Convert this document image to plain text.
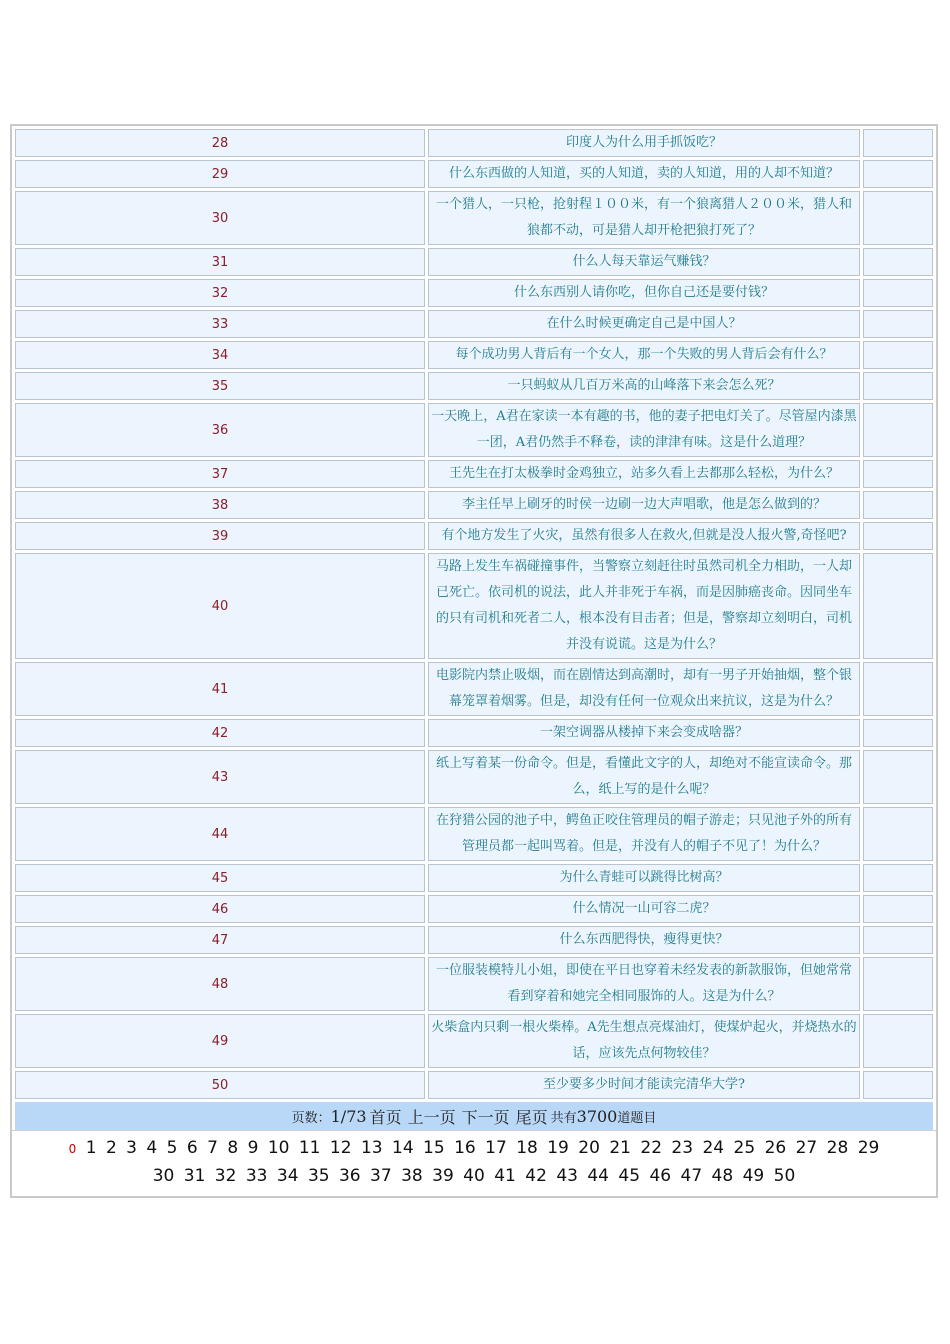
28	印度人为什么用手抓饭吃？	
29	什么东西做的人知道，买的人知道，卖的人知道，用的人却不知道？	
30	一个猎人，一只枪，抢射程１００米，有一个狼离猎人２００米，猎人和狼都不动，可是猎人却开枪把狼打死了？	
31	什么人每天靠运气赚钱？	
32	什么东西别人请你吃，但你自己还是要付钱？	
33	在什么时候更确定自己是中国人？	
34	每个成功男人背后有一个女人，那一个失败的男人背后会有什么？	
35	一只蚂蚁从几百万米高的山峰落下来会怎么死？	
36	一天晚上，A君在家读一本有趣的书，他的妻子把电灯关了。尽管屋内漆黑一团，A君仍然手不释卷，读的津津有味。这是什么道理？	
37	王先生在打太极拳时金鸡独立，站多久看上去都那么轻松，为什么？	
38	李主任早上刷牙的时侯一边刷一边大声唱歌，他是怎么做到的？	
39	有个地方发生了火灾，虽然有很多人在救火,但就是没人报火警,奇怪吧?	
40	马路上发生车祸碰撞事件，当警察立刻赶往时虽然司机全力相助，一人却已死亡。依司机的说法，此人并非死于车祸，而是因肺癌丧命。因同坐车的只有司机和死者二人，根本没有目击者；但是，警察却立刻明白，司机并没有说谎。这是为什么？	
41	电影院内禁止吸烟，而在剧情达到高潮时，却有一男子开始抽烟，整个银幕笼罩着烟雾。但是，却没有任何一位观众出来抗议，这是为什么？	
42	一架空调器从楼掉下来会变成啥器？	
43	纸上写着某一份命令。但是，看懂此文字的人，却绝对不能宣读命令。那么，纸上写的是什么呢？	
44	在狩猎公园的池子中，鳄鱼正咬住管理员的帽子游走；只见池子外的所有管理员都一起叫骂着。但是，并没有人的帽子不见了！为什么？	
45	为什么青蛙可以跳得比树高？	
46	什么情况一山可容二虎？	
47	什么东西肥得快，瘦得更快？	
48	一位服装模特儿小姐，即使在平日也穿着未经发表的新款服饰，但她常常看到穿着和她完全相同服饰的人。这是为什么？	
49	火柴盒内只剩一根火柴棒。A先生想点亮煤油灯，使煤炉起火，并烧热水的话，应该先点何物较佳？	
50	至少要多少时间才能读完清华大学?	
页数： 1/73 首页 上一页 下一页 尾页 共有 3700 道题目
0 1 2 3 4 5 6 7 8 9 10 11 12 13 14 15 16 17 18 19 20 21 22 23 24 25 26 27 28 29 30 31 32 33 34 35 36 37 38 39 40 41 42 43 44 45 46 47 48 49 50
